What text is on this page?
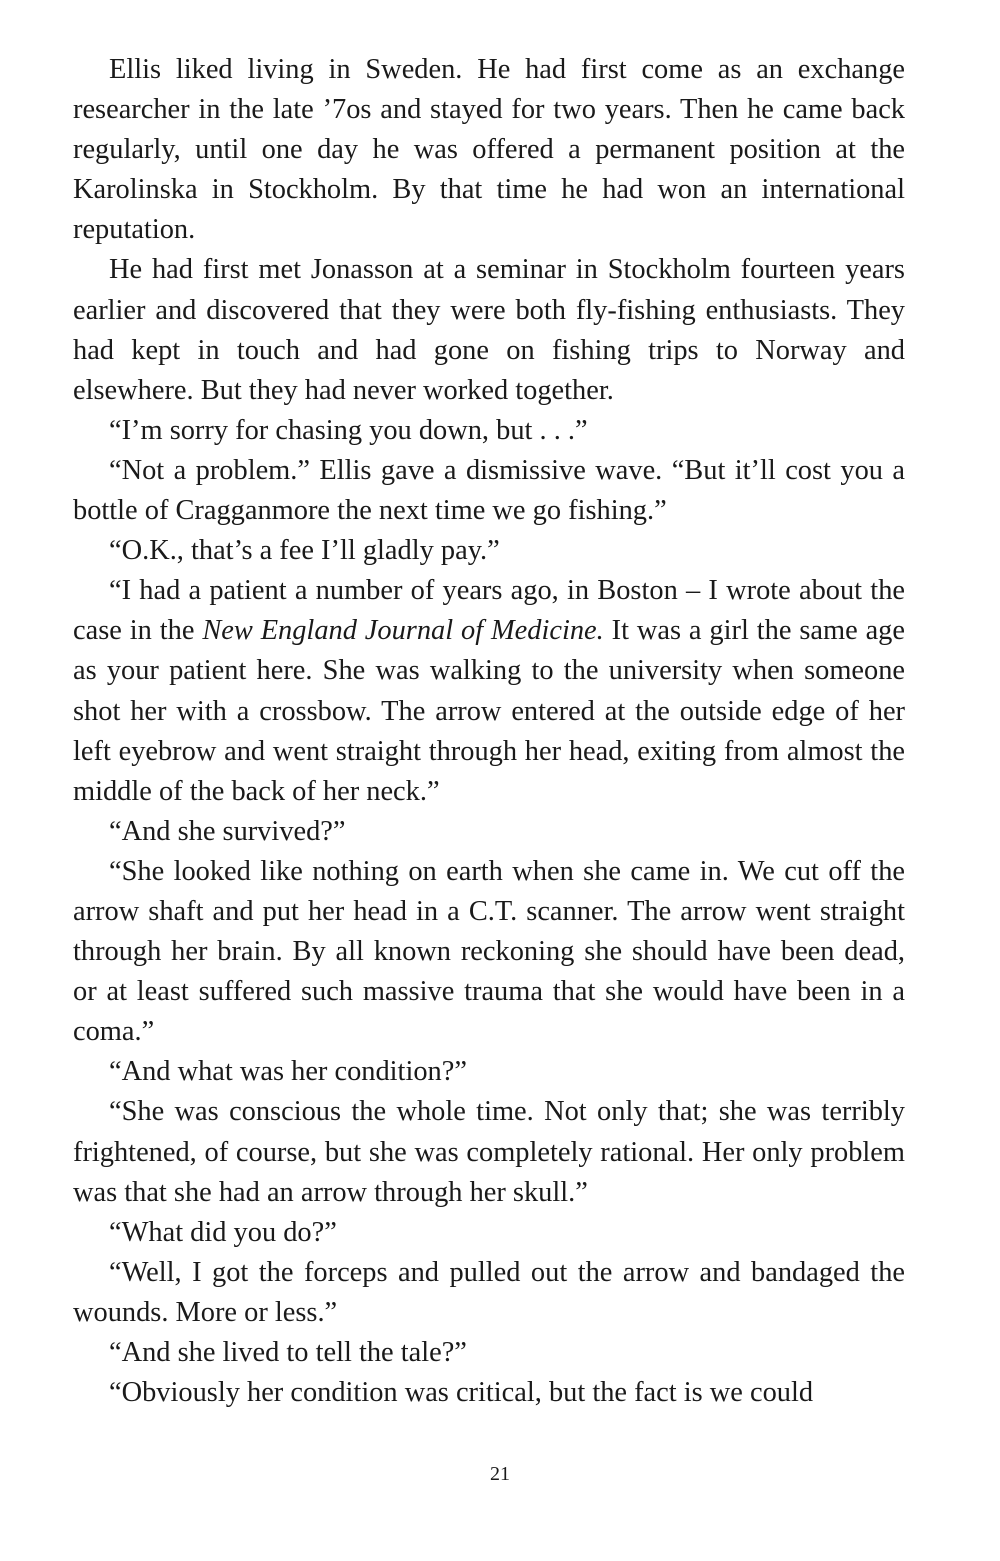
Ellis liked living in Sweden. He had first come as an exchange researcher in the late ’7os and stayed for two years. Then he came back regularly, until one day he was offered a permanent position at the Karolinska in Stockholm. By that time he had won an international reputation.

He had first met Jonasson at a seminar in Stockholm fourteen years earlier and discovered that they were both fly-fishing enthusiasts. They had kept in touch and had gone on fishing trips to Norway and elsewhere. But they had never worked together.

“I’m sorry for chasing you down, but . . .”

“Not a problem.” Ellis gave a dismissive wave. “But it’ll cost you a bottle of Cragganmore the next time we go fishing.”

“O.K., that’s a fee I’ll gladly pay.”

“I had a patient a number of years ago, in Boston – I wrote about the case in the New England Journal of Medicine. It was a girl the same age as your patient here. She was walking to the university when someone shot her with a crossbow. The arrow entered at the outside edge of her left eyebrow and went straight through her head, exiting from almost the middle of the back of her neck.”

“And she survived?”

“She looked like nothing on earth when she came in. We cut off the arrow shaft and put her head in a C.T. scanner. The arrow went straight through her brain. By all known reckoning she should have been dead, or at least suffered such massive trauma that she would have been in a coma.”

“And what was her condition?”

“She was conscious the whole time. Not only that; she was terribly frightened, of course, but she was completely rational. Her only problem was that she had an arrow through her skull.”

“What did you do?”

“Well, I got the forceps and pulled out the arrow and bandaged the wounds. More or less.”

“And she lived to tell the tale?”

“Obviously her condition was critical, but the fact is we could

21
